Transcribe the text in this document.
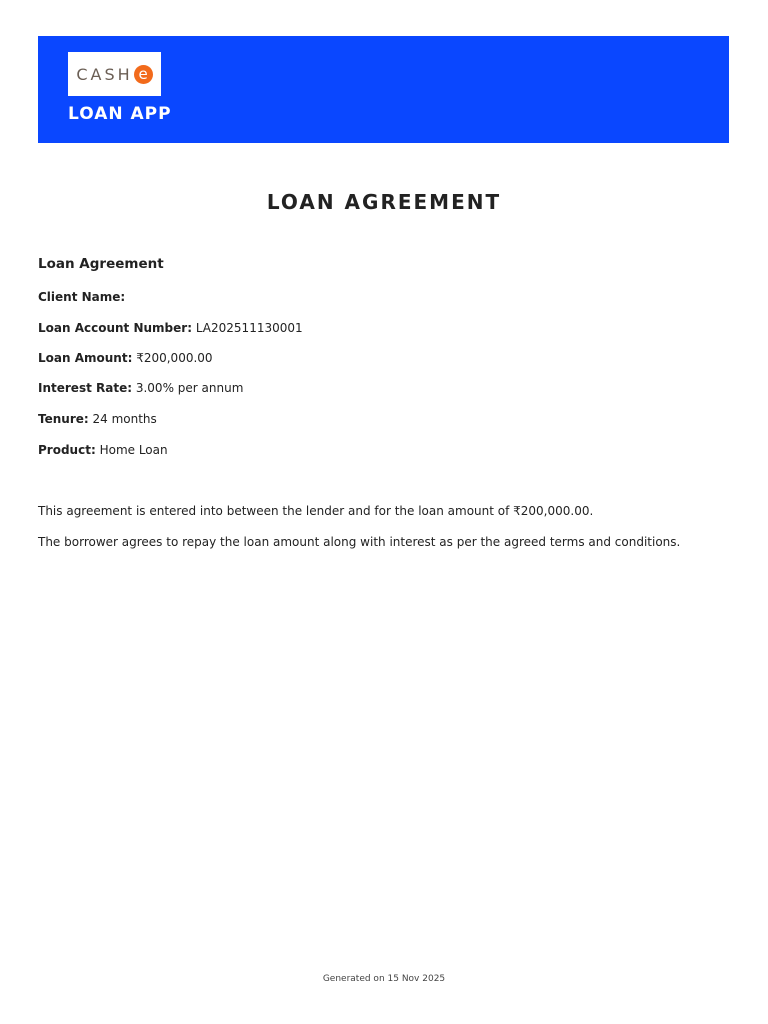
CASH e
LOAN APP
LOAN AGREEMENT
Loan Agreement
Client Name:
Loan Account Number: LA202511130001
Loan Amount: ₹200,000.00
Interest Rate: 3.00% per annum
Tenure: 24 months
Product: Home Loan
This agreement is entered into between the lender and for the loan amount of ₹200,000.00.
The borrower agrees to repay the loan amount along with interest as per the agreed terms and conditions.
Generated on 15 Nov 2025
